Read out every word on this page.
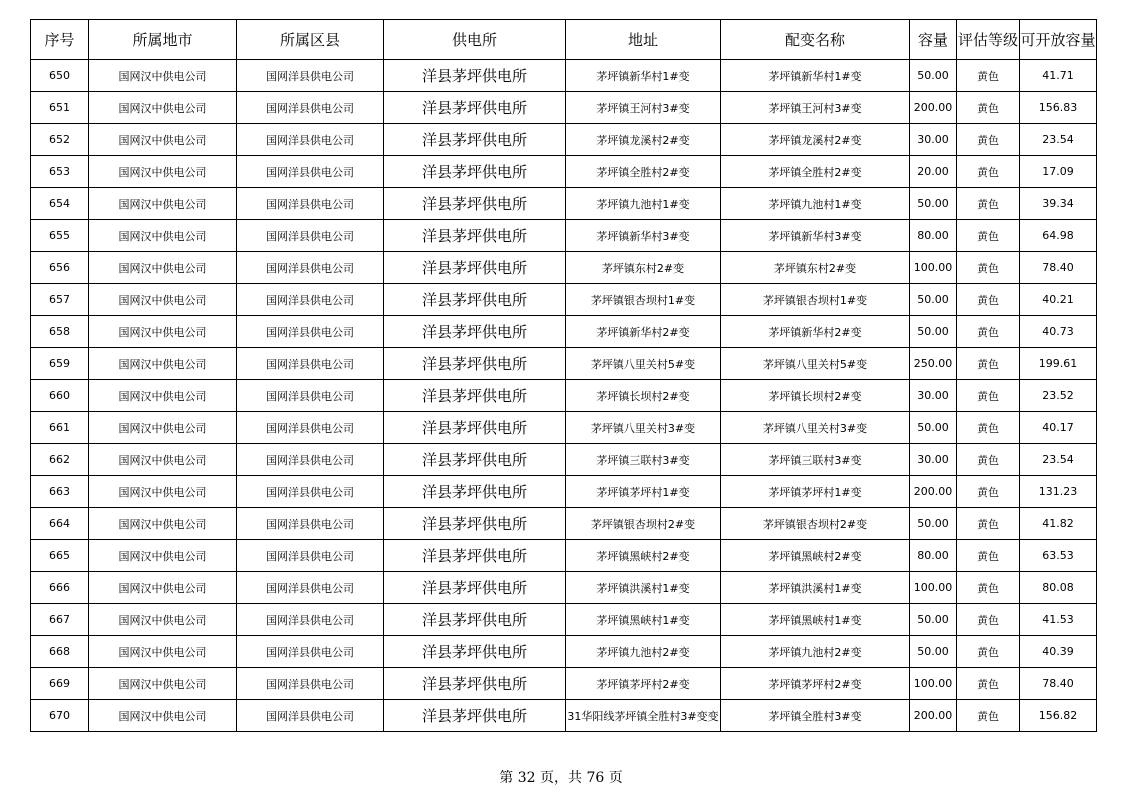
序号	所属地市	所属区县	供电所	地址	配变名称	容量	评估等级	可开放容量
650	国网汉中供电公司	国网洋县供电公司	洋县茅坪供电所	茅坪镇新华村1#变	茅坪镇新华村1#变	50.00	黄色	41.71
651	国网汉中供电公司	国网洋县供电公司	洋县茅坪供电所	茅坪镇王河村3#变	茅坪镇王河村3#变	200.00	黄色	156.83
652	国网汉中供电公司	国网洋县供电公司	洋县茅坪供电所	茅坪镇龙溪村2#变	茅坪镇龙溪村2#变	30.00	黄色	23.54
653	国网汉中供电公司	国网洋县供电公司	洋县茅坪供电所	茅坪镇全胜村2#变	茅坪镇全胜村2#变	20.00	黄色	17.09
654	国网汉中供电公司	国网洋县供电公司	洋县茅坪供电所	茅坪镇九池村1#变	茅坪镇九池村1#变	50.00	黄色	39.34
655	国网汉中供电公司	国网洋县供电公司	洋县茅坪供电所	茅坪镇新华村3#变	茅坪镇新华村3#变	80.00	黄色	64.98
656	国网汉中供电公司	国网洋县供电公司	洋县茅坪供电所	茅坪镇东村2#变	茅坪镇东村2#变	100.00	黄色	78.40
657	国网汉中供电公司	国网洋县供电公司	洋县茅坪供电所	茅坪镇银杏坝村1#变	茅坪镇银杏坝村1#变	50.00	黄色	40.21
658	国网汉中供电公司	国网洋县供电公司	洋县茅坪供电所	茅坪镇新华村2#变	茅坪镇新华村2#变	50.00	黄色	40.73
659	国网汉中供电公司	国网洋县供电公司	洋县茅坪供电所	茅坪镇八里关村5#变	茅坪镇八里关村5#变	250.00	黄色	199.61
660	国网汉中供电公司	国网洋县供电公司	洋县茅坪供电所	茅坪镇长坝村2#变	茅坪镇长坝村2#变	30.00	黄色	23.52
661	国网汉中供电公司	国网洋县供电公司	洋县茅坪供电所	茅坪镇八里关村3#变	茅坪镇八里关村3#变	50.00	黄色	40.17
662	国网汉中供电公司	国网洋县供电公司	洋县茅坪供电所	茅坪镇三联村3#变	茅坪镇三联村3#变	30.00	黄色	23.54
663	国网汉中供电公司	国网洋县供电公司	洋县茅坪供电所	茅坪镇茅坪村1#变	茅坪镇茅坪村1#变	200.00	黄色	131.23
664	国网汉中供电公司	国网洋县供电公司	洋县茅坪供电所	茅坪镇银杏坝村2#变	茅坪镇银杏坝村2#变	50.00	黄色	41.82
665	国网汉中供电公司	国网洋县供电公司	洋县茅坪供电所	茅坪镇黑峡村2#变	茅坪镇黑峡村2#变	80.00	黄色	63.53
666	国网汉中供电公司	国网洋县供电公司	洋县茅坪供电所	茅坪镇洪溪村1#变	茅坪镇洪溪村1#变	100.00	黄色	80.08
667	国网汉中供电公司	国网洋县供电公司	洋县茅坪供电所	茅坪镇黑峡村1#变	茅坪镇黑峡村1#变	50.00	黄色	41.53
668	国网汉中供电公司	国网洋县供电公司	洋县茅坪供电所	茅坪镇九池村2#变	茅坪镇九池村2#变	50.00	黄色	40.39
669	国网汉中供电公司	国网洋县供电公司	洋县茅坪供电所	茅坪镇茅坪村2#变	茅坪镇茅坪村2#变	100.00	黄色	78.40
670	国网汉中供电公司	国网洋县供电公司	洋县茅坪供电所	31华阳线茅坪镇全胜村3#变变	茅坪镇全胜村3#变	200.00	黄色	156.82
第 32 页，共 76 页
